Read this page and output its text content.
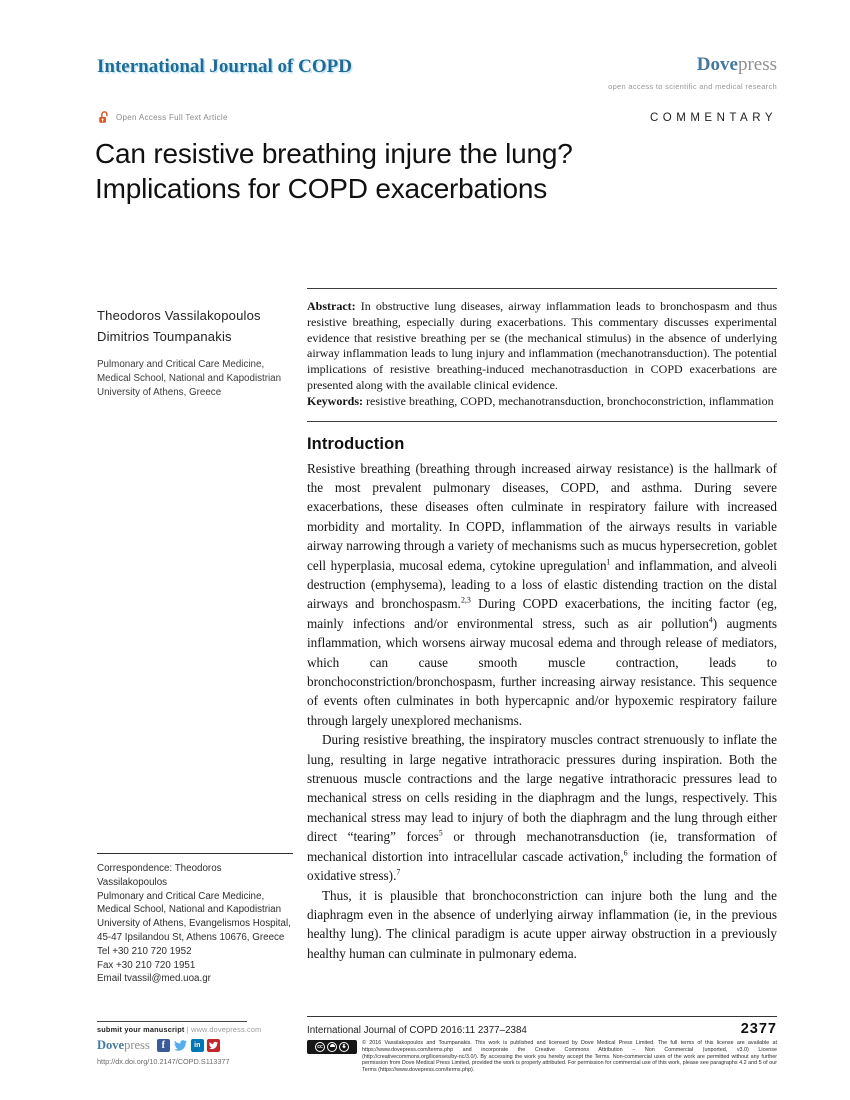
International Journal of COPD	Dovepress
open access to scientific and medical research
Open Access Full Text Article	COMMENTARY
Can resistive breathing injure the lung?
Implications for COPD exacerbations
Theodoros Vassilakopoulos
Dimitrios Toumpanakis
Pulmonary and Critical Care Medicine, Medical School, National and Kapodistrian University of Athens, Greece
Correspondence: Theodoros Vassilakopoulos
Pulmonary and Critical Care Medicine, Medical School, National and Kapodistrian University of Athens, Evangelismos Hospital, 45-47 Ipsilandou St, Athens 10676, Greece
Tel +30 210 720 1952
Fax +30 210 720 1951
Email tvassil@med.uoa.gr
Abstract: In obstructive lung diseases, airway inflammation leads to bronchospasm and thus resistive breathing, especially during exacerbations. This commentary discusses experimental evidence that resistive breathing per se (the mechanical stimulus) in the absence of underlying airway inflammation leads to lung injury and inflammation (mechanotransduction). The potential implications of resistive breathing-induced mechanotrasduction in COPD exacerbations are presented along with the available clinical evidence.
Keywords: resistive breathing, COPD, mechanotransduction, bronchoconstriction, inflammation
Introduction

Resistive breathing (breathing through increased airway resistance) is the hallmark of the most prevalent pulmonary diseases, COPD, and asthma. During severe exacerbations, these diseases often culminate in respiratory failure with increased morbidity and mortality. In COPD, inflammation of the airways results in variable airway narrowing through a variety of mechanisms such as mucus hypersecretion, goblet cell hyperplasia, mucosal edema, cytokine upregulation$^1$ and inflammation, and alveoli destruction (emphysema), leading to a loss of elastic distending traction on the distal airways and bronchospasm.$^{2,3}$ During COPD exacerbations, the inciting factor (eg, mainly infections and/or environmental stress, such as air pollution$^4$) augments inflammation, which worsens airway mucosal edema and through release of mediators, which can cause smooth muscle contraction, leads to bronchoconstriction/bronchospasm, further increasing airway resistance. This sequence of events often culminates in both hypercapnic and/or hypoxemic respiratory failure through largely unexplored mechanisms.

During resistive breathing, the inspiratory muscles contract strenuously to inflate the lung, resulting in large negative intrathoracic pressures during inspiration. Both the strenuous muscle contractions and the large negative intrathoracic pressures lead to mechanical stress on cells residing in the diaphragm and the lungs, respectively. This mechanical stress may lead to injury of both the diaphragm and the lung through either direct “tearing” forces$^5$ or through mechanotransduction (ie, transformation of mechanical distortion into intracellular cascade activation,$^6$ including the formation of oxidative stress).$^7$

Thus, it is plausible that bronchoconstriction can injure both the lung and the diaphragm even in the absence of underlying airway inflammation (ie, in the previous healthy lung). The clinical paradigm is acute upper airway obstruction in a previously healthy human can culminate in pulmonary edema.

submit your manuscript | www.dovepress.com
Dovepress	f	in
http://dx.doi.org/10.2147/COPD.S113377
International Journal of COPD 2016:11 2377–2384	2377
cc	$
© 2016 Vassilakopoulos and Toumpanakis. This work is published and licensed by Dove Medical Press Limited. The full terms of this license are available at https://www.dovepress.com/terms.php and incorporate the Creative Commons Attribution – Non Commercial (unported, v3.0) License (http://creativecommons.org/licenses/by-nc/3.0/). By accessing the work you hereby accept the Terms. Non-commercial uses of the work are permitted without any further permission from Dove Medical Press Limited, provided the work is properly attributed. For permission for commercial use of this work, please see paragraphs 4.2 and 5 of our Terms (https://www.dovepress.com/terms.php).
